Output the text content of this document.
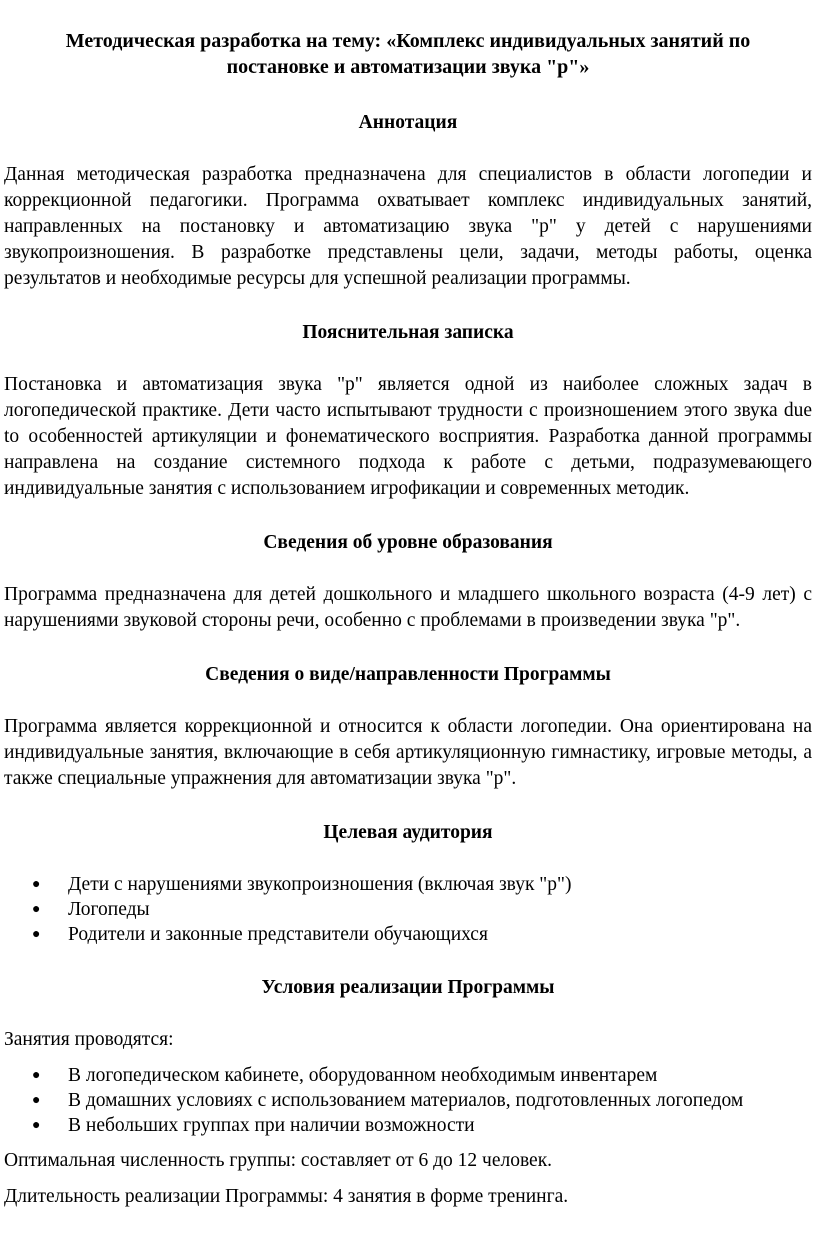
Методическая разработка на тему: «Комплекс индивидуальных занятий по постановке и автоматизации звука "р"»
Аннотация

Данная методическая разработка предназначена для специалистов в области логопедии и коррекционной педагогики. Программа охватывает комплекс индивидуальных занятий, направленных на постановку и автоматизацию звука "р" у детей с нарушениями звукопроизношения. В разработке представлены цели, задачи, методы работы, оценка результатов и необходимые ресурсы для успешной реализации программы.

Пояснительная записка

Постановка и автоматизация звука "р" является одной из наиболее сложных задач в логопедической практике. Дети часто испытывают трудности с произношением этого звука due to особенностей артикуляции и фонематического восприятия. Разработка данной программы направлена на создание системного подхода к работе с детьми, подразумевающего индивидуальные занятия с использованием игрофикации и современных методик.

Сведения об уровне образования

Программа предназначена для детей дошкольного и младшего школьного возраста (4-9 лет) с нарушениями звуковой стороны речи, особенно с проблемами в произведении звука "р".

Сведения о виде/направленности Программы

Программа является коррекционной и относится к области логопедии. Она ориентирована на индивидуальные занятия, включающие в себя артикуляционную гимнастику, игровые методы, а также специальные упражнения для автоматизации звука "р".

Целевая аудитория
● Дети с нарушениями звукопроизношения (включая звук "р")
● Логопеды
● Родители и законные представители обучающихся
Условия реализации Программы

Занятия проводятся:

● В логопедическом кабинете, оборудованном необходимым инвентарем
● В домашних условиях с использованием материалов, подготовленных логопедом
● В небольших группах при наличии возможности

Оптимальная численность группы: составляет от 6 до 12 человек.

Длительность реализации Программы: 4 занятия в форме тренинга.
